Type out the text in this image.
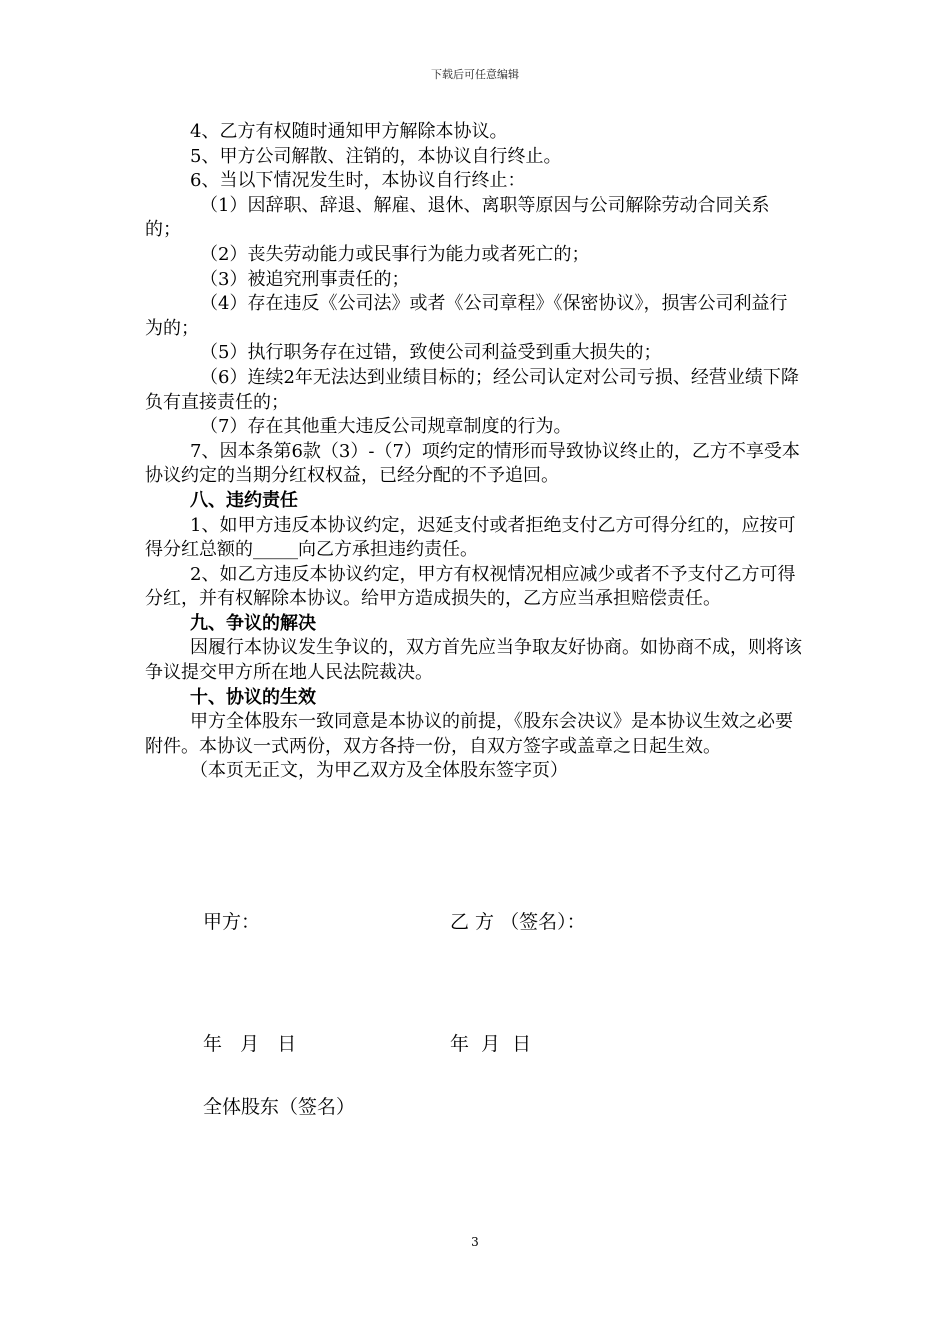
下载后可任意编辑

4、乙方有权随时通知甲方解除本协议。

5、甲方公司解散、注销的，本协议自行终止。

6、当以下情况发生时，本协议自行终止：

（1）因辞职、辞退、解雇、退休、离职等原因与公司解除劳动合同关系的；

（2）丧失劳动能力或民事行为能力或者死亡的；

（3）被追究刑事责任的；

（4）存在违反《公司法》或者《公司章程》《保密协议》，损害公司利益行为的；

（5）执行职务存在过错，致使公司利益受到重大损失的；

（6）连续2年无法达到业绩目标的；经公司认定对公司亏损、经营业绩下降负有直接责任的；

（7）存在其他重大违反公司规章制度的行为。

7、因本条第6款（3）-（7）项约定的情形而导致协议终止的，乙方不享受本协议约定的当期分红权权益，已经分配的不予追回。

八、违约责任

1、如甲方违反本协议约定，迟延支付或者拒绝支付乙方可得分红的，应按可得分红总额的_____向乙方承担违约责任。

2、如乙方违反本协议约定，甲方有权视情况相应减少或者不予支付乙方可得分红，并有权解除本协议。给甲方造成损失的，乙方应当承担赔偿责任。

九、争议的解决

因履行本协议发生争议的，双方首先应当争取友好协商。如协商不成，则将该争议提交甲方所在地人民法院裁决。

十、协议的生效

甲方全体股东一致同意是本协议的前提，《股东会决议》是本协议生效之必要附件。本协议一式两份，双方各持一份，自双方签字或盖章之日起生效。

（本页无正文，为甲乙双方及全体股东签字页）

甲方：	乙 方 （签名）：
年   月   日	年  月  日
全体股东（签名）
3
